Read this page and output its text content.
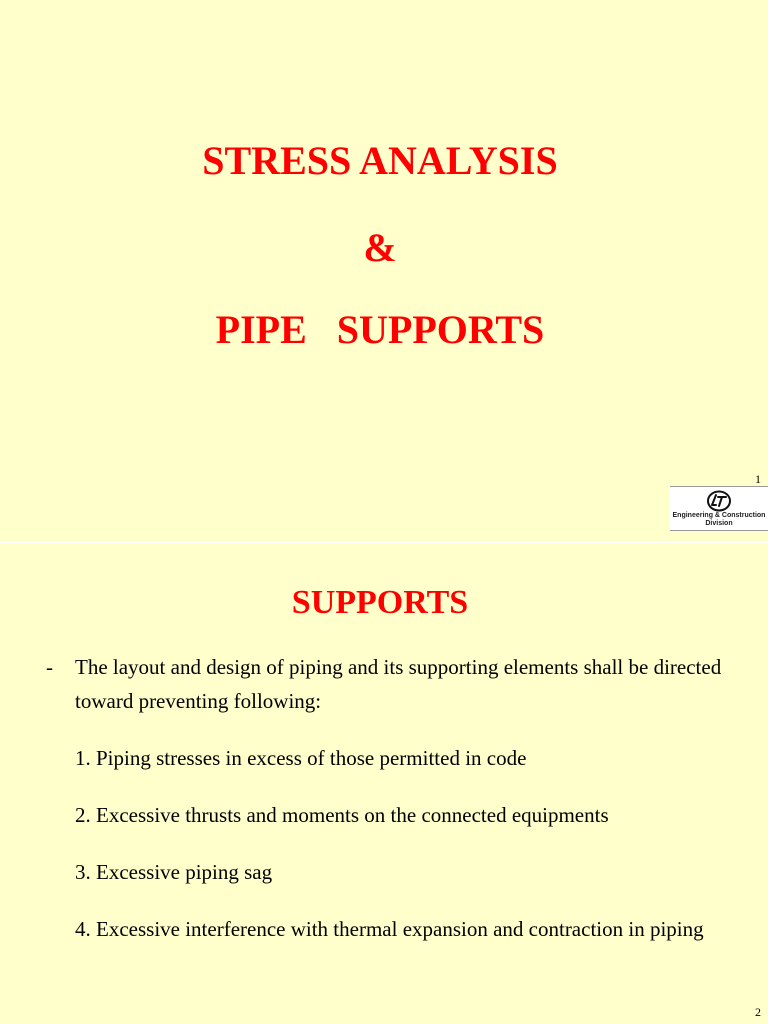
STRESS ANALYSIS
&
PIPE   SUPPORTS
1
Engineering & Construction
Division
SUPPORTS
- The layout and design of piping and its supporting elements shall be directed toward preventing following:
1. Piping stresses in excess of those permitted in code
2. Excessive thrusts and moments on the connected equipments
3. Excessive piping sag
4. Excessive interference with thermal expansion and contraction in piping
2
